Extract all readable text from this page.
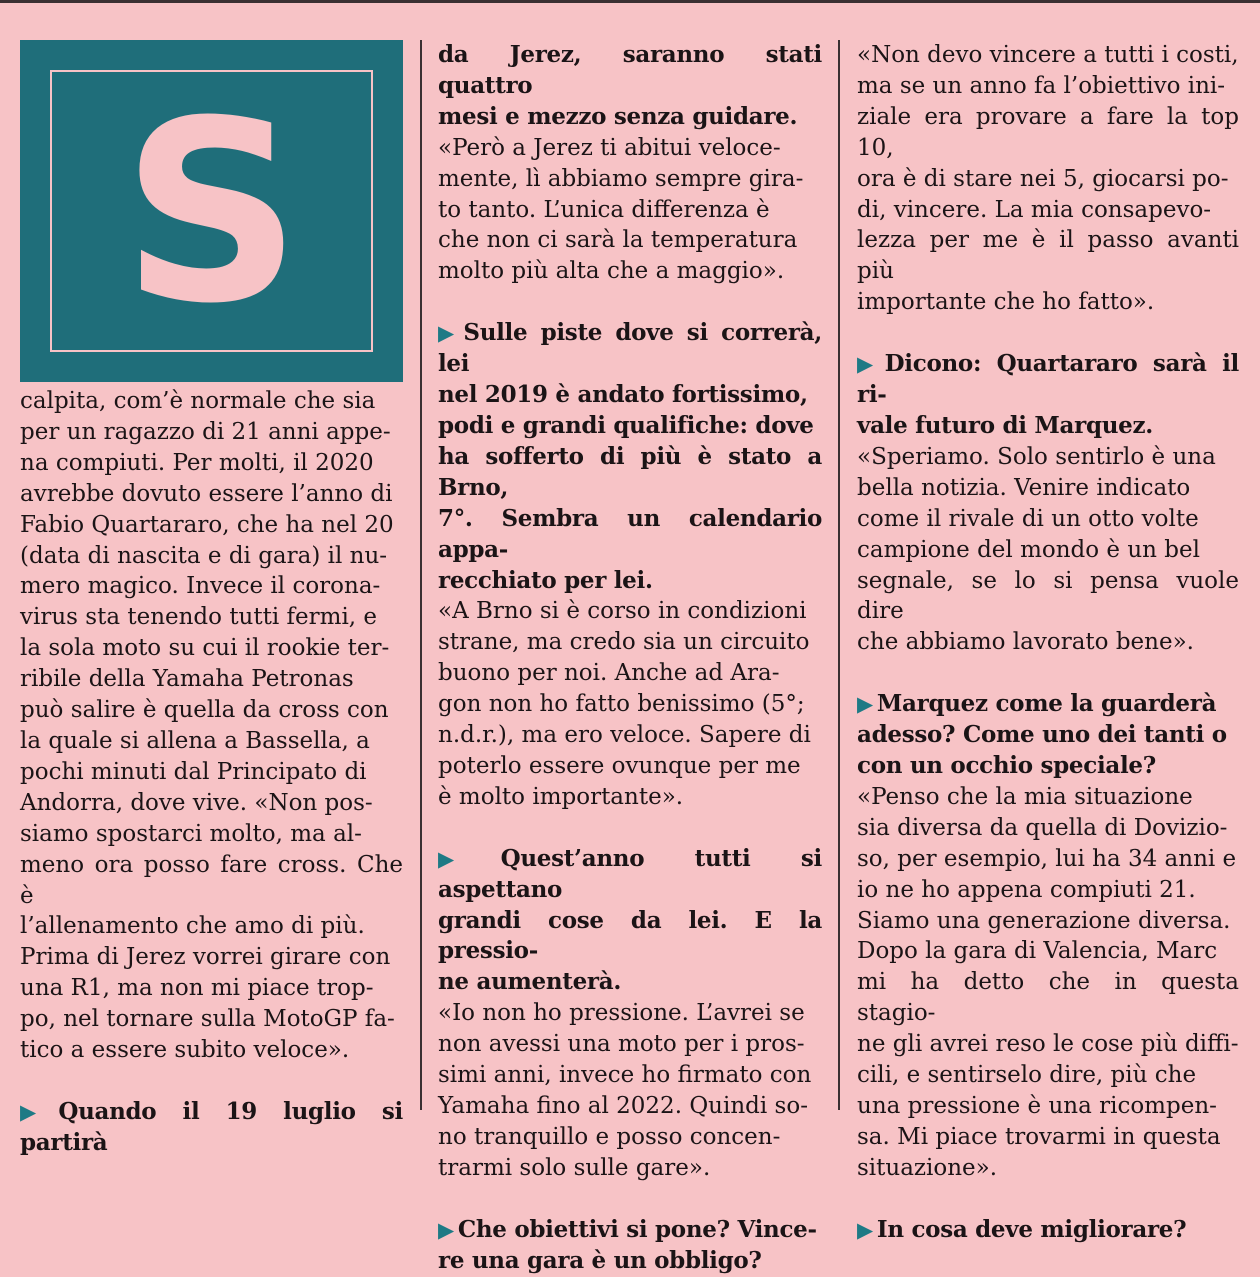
S

calpita, com’è normale che sia

per un ragazzo di 21 anni appe-

na compiuti. Per molti, il 2020

avrebbe dovuto essere l’anno di

Fabio Quartararo, che ha nel 20

(data di nascita e di gara) il nu-

mero magico. Invece il corona-

virus sta tenendo tutti fermi, e

la sola moto su cui il rookie ter-

ribile della Yamaha Petronas

può salire è quella da cross con

la quale si allena a Bassella, a

pochi minuti dal Principato di

Andorra, dove vive. «Non pos-

siamo spostarci molto, ma al-

meno ora posso fare cross. Che è

l’allenamento che amo di più.

Prima di Jerez vorrei girare con

una R1, ma non mi piace trop-

po, nel tornare sulla MotoGP fa-

tico a essere subito veloce».

▶ Quando il 19 luglio si partirà

da Jerez, saranno stati quattro

mesi e mezzo senza guidare.

«Però a Jerez ti abitui veloce-

mente, lì abbiamo sempre gira-

to tanto. L’unica differenza è

che non ci sarà la temperatura

molto più alta che a maggio».

▶ Sulle piste dove si correrà, lei

nel 2019 è andato fortissimo,

podi e grandi qualifiche: dove

ha sofferto di più è stato a Brno,

7°. Sembra un calendario appa-

recchiato per lei.

«A Brno si è corso in condizioni

strane, ma credo sia un circuito

buono per noi. Anche ad Ara-

gon non ho fatto benissimo (5°;

n.d.r.), ma ero veloce. Sapere di

poterlo essere ovunque per me

è molto importante».

▶ Quest’anno tutti si aspettano

grandi cose da lei. E la pressio-

ne aumenterà.

«Io non ho pressione. L’avrei se

non avessi una moto per i pros-

simi anni, invece ho firmato con

Yamaha fino al 2022. Quindi so-

no tranquillo e posso concen-

trarmi solo sulle gare».

▶ Che obiettivi si pone? Vince-

re una gara è un obbligo?

«Non devo vincere a tutti i costi,

ma se un anno fa l’obiettivo ini-

ziale era provare a fare la top 10,

ora è di stare nei 5, giocarsi po-

di, vincere. La mia consapevo-

lezza per me è il passo avanti più

importante che ho fatto».

▶ Dicono: Quartararo sarà il ri-

vale futuro di Marquez.

«Speriamo. Solo sentirlo è una

bella notizia. Venire indicato

come il rivale di un otto volte

campione del mondo è un bel

segnale, se lo si pensa vuole dire

che abbiamo lavorato bene».

▶ Marquez come la guarderà

adesso? Come uno dei tanti o

con un occhio speciale?

«Penso che la mia situazione

sia diversa da quella di Dovizio-

so, per esempio, lui ha 34 anni e

io ne ho appena compiuti 21.

Siamo una generazione diversa.

Dopo la gara di Valencia, Marc

mi ha detto che in questa stagio-

ne gli avrei reso le cose più diffi-

cili, e sentirselo dire, più che

una pressione è una ricompen-

sa. Mi piace trovarmi in questa

situazione».

▶ In cosa deve migliorare?
